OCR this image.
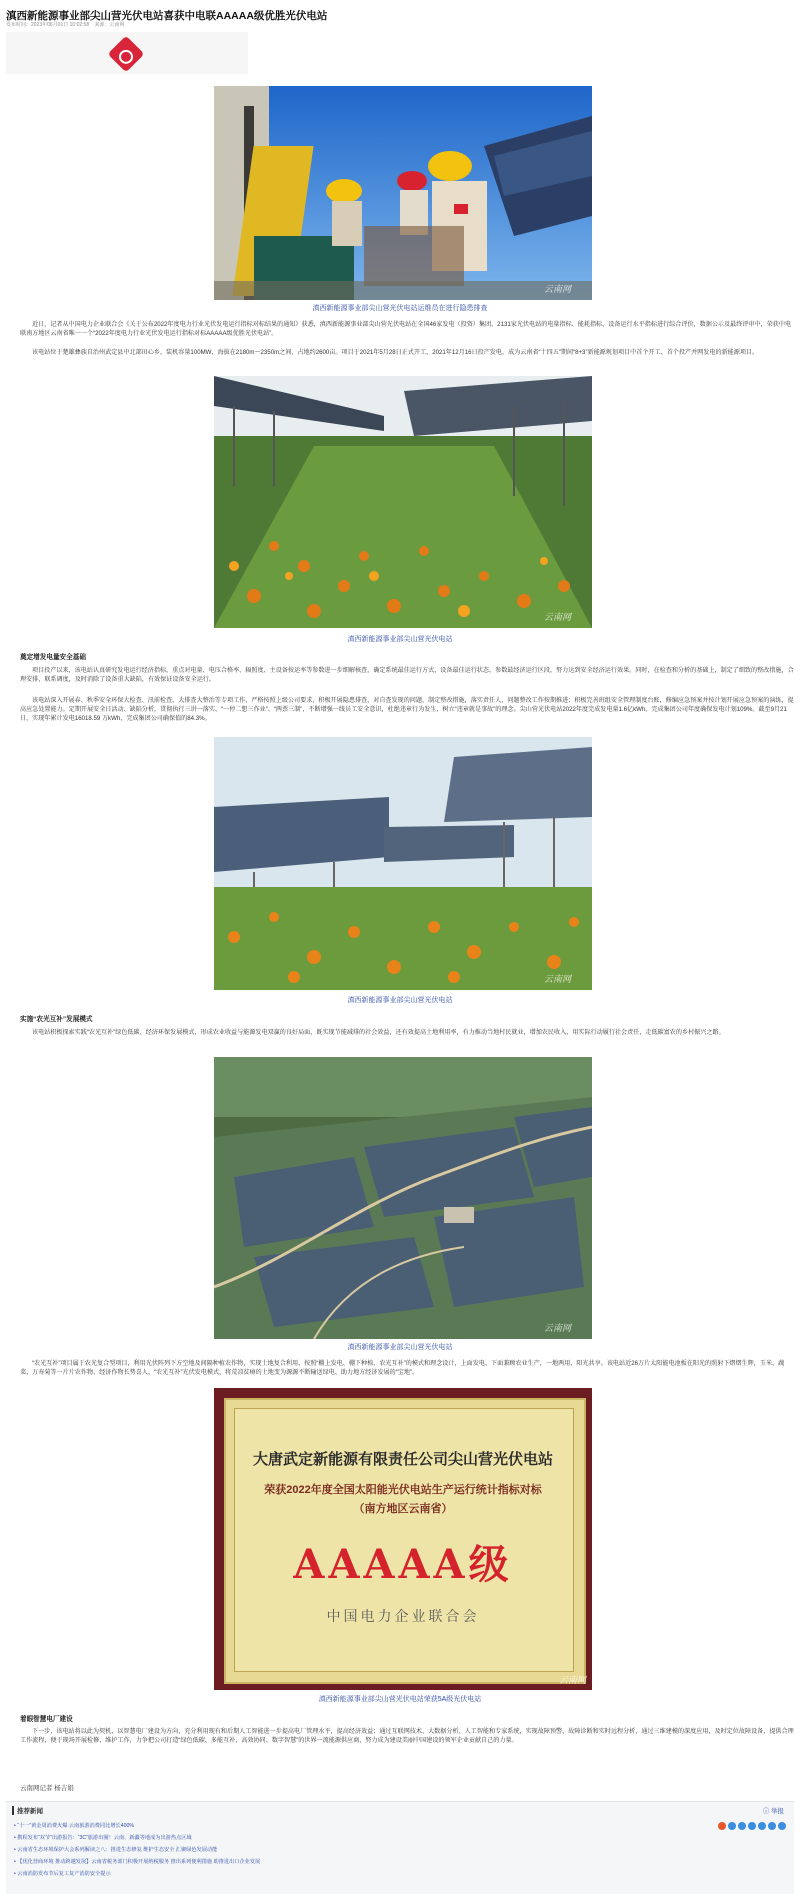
滇西新能源事业部尖山营光伏电站喜获中电联AAAAA级优胜光伏电站
发布时间：2023年06月01日 10:02:58 来源：云南网
云南网
滇西新能源事业部尖山营光伏电站运维员在进行隐患排查

近日，记者从中国电力企业联合会《关于公布2022年度电力行业光伏发电运行指标对标结果的通知》获悉，滇西新能源事业部尖山营光伏电站在全国46家发电（投资）集团、2131家光伏电站的电量指标、能耗指标、设备运行水平指标进行综合评价，数据公示及最终评审中，荣获中电联南方地区云南省唯一一个“2022年度电力行业光伏发电运行指标对标AAAAA级优胜光伏电站”。

该电站位于楚雄彝族自治州武定县中北部田心乡，装机容量100MW，海拔在2180m～2350m之间，占地约2600亩。项目于2021年5月28日正式开工，2021年12月16日投产发电，成为云南省“十四五”期间“8+3”新能源规划项目中首个开工、首个投产并网发电的新能源项目。

云南网
滇西新能源事业部尖山营光伏电站
奠定增发电量安全基础

项目投产以来，该电站认真研究发电运行经济指标，重点对电量、电压合格率、辐照度、主设备按运率等参数进一步细解核查，确定系统最佳运行方式、设备最佳运行状态、参数最经济运行区段，努力达到安全经济运行效果。同时，在检查和分析的基础上，制定了细致的整改措施，合理安排，联系调度，及时消除了设备重大缺陷，有效保证设备安全运行。

该电站深入开展春、秋季安全环保大检查、汛前检查、大排查大整治等专项工作，严格按照上级公司要求，积极开展隐患排查，对自查发现的问题，制定整改措施，落实责任人，问题整改工作按期推进；积极完善班组安全管理制度台账，修编应急预案并按计划开展应急预案的演练，提高应急处置能力。定期开展安全日活动、缺陷分析，贯彻执行三讲一落实、“一停二想三作业”、“两票三制”，不断增强一线员工安全意识，杜绝违章行为发生，树立“违章就是事故”的理念。尖山营光伏电站2022年度完成发电量1.6亿kWh，完成集团公司年度确保发电计划109%。截至9月21日，实现年累计发电16018.59 万kWh，完成集团公司确保值的84.3%。

云南网
滇西新能源事业部尖山营光伏电站
实施“农光互补”发展模式

该电站积极探索实践“农光互补”绿色低碳、经济环保发展模式，形成农业收益与能源发电双赢的良好局面，既实现节能减排的社会效益，还有效提高土地利用率，有力推动当地村民就业，增加农民收入，用实际行动履行社会责任，走低碳富农的乡村振兴之路。

云南网
滇西新能源事业部尖山营光伏电站

“农光互补”项目属于农光复合型项目，利用光伏阵列下方空地及间隔种植农作物，实现土地复合利用，按照“棚上发电、棚下种植、农光互补”的模式和理念设计，上面发电、下面兼顾农业生产，一地两用，阳光共享。该电站近26万片太阳能电池板在阳光的照射下熠熠生辉，玉米、蔬菜、万寿菊等一片片农作物、经济作物长势喜人，“农光互补”光伏发电模式，将荒凉贫瘠的土地变为源源不断输送绿电、助力地方经济发展的“宝地”。

大唐武定新能源有限责任公司尖山营光伏电站
荣获2022年度全国太阳能光伏电站生产运行统计指标对标
（南方地区云南省）
AAAAA级
中国电力企业联合会
云南网
滇西新能源事业部尖山营光伏电站荣获5A级光伏电站
着眼智慧电厂建设

下一步，该电站将以此为契机，以智慧电厂建设为方向，充分利用现有和后期人工智能进一步提高电厂管理水平，提高经济效益；通过互联网技术、大数据分析、人工智能和专家系统，实现故障预警、故障诊断和实时远程分析，通过三维建模的深度应用，及时定位故障设备，提供合理工作流程，便于现场开展检修、维护工作，力争把公司打造“绿色低碳、多能互补、高效协同、数字智慧”的世界一流能源供应商，努力成为建设美丽中国建设的领军企业贡献自己的力量。

云南网记者 杨吉娟
推荐新闻	ⓘ 举报
• “十一”黄金周消费火爆 云南旅游消费同比增长400%
• 携程发布“双节”出游报告：“3C”旅游出圈！云南、新疆等地成为出游热点区域
• 云南省生态环境保护大会系列解读之八：推进生态修复 维护生态安全 汇聚绿色发展动能
• 【优化营商环境 推动跨越发展】云南省税务部门积极开展纳税服务 推出系列便利措施 助推进出口企业发展
• 云南消防发布节后复工复产消防安全提示
